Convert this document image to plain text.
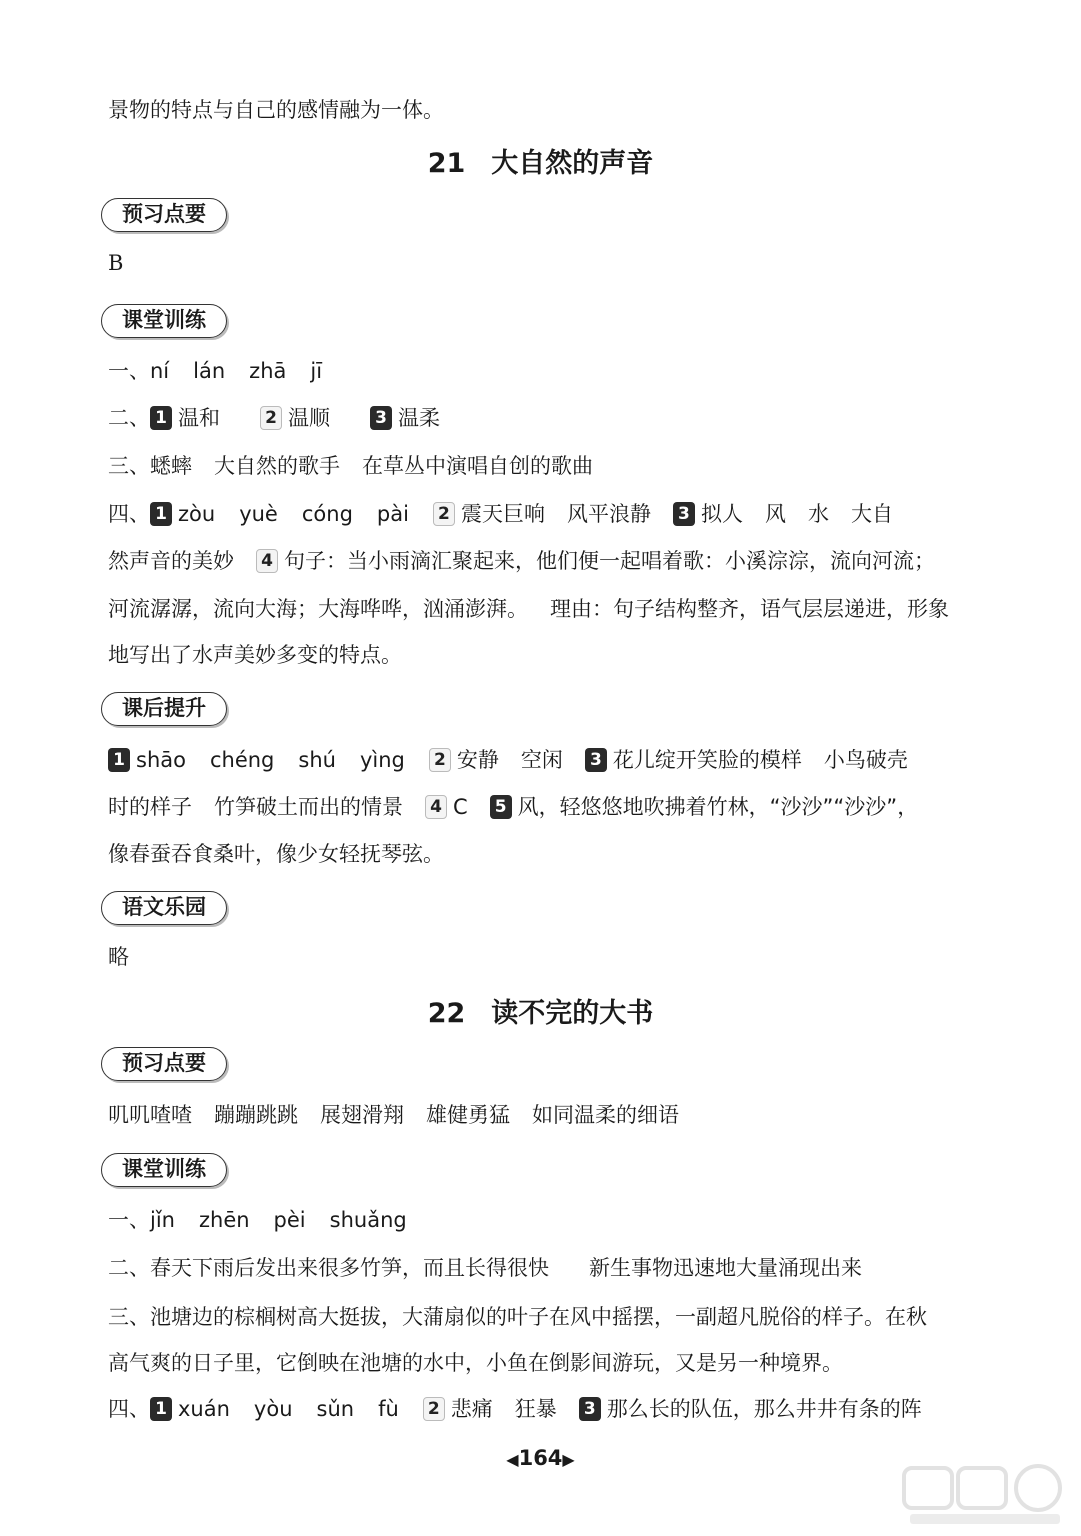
景物的特点与自己的感情融为一体。
21 大自然的声音
预习点要
B
课堂训练
一、ní lán zhā jī
二、 1 温和	2 温顺	3 温柔
三、蟋蟀 大自然的歌手 在草丛中演唱自创的歌曲
四、 1 zòu yuè cóng pài 2 震天巨响 风平浪静 3 拟人 风 水 大自
然声音的美妙 4 句子：当小雨滴汇聚起来，他们便一起唱着歌：小溪淙淙，流向河流；
河流潺潺，流向大海；大海哗哗，汹涌澎湃。 理由：句子结构整齐，语气层层递进，形象
地写出了水声美妙多变的特点。
课后提升
1 shāo chéng shú yìng 2 安静 空闲 3 花儿绽开笑脸的模样 小鸟破壳
时的样子 竹笋破土而出的情景 4 C 5 风，轻悠悠地吹拂着竹林，“沙沙”“沙沙”，
像春蚕吞食桑叶，像少女轻抚琴弦。
语文乐园
略
22 读不完的大书
预习点要
叽叽喳喳 蹦蹦跳跳 展翅滑翔 雄健勇猛 如同温柔的细语
课堂训练
一、jǐn zhēn pèi shuǎng
二、春天下雨后发出来很多竹笋，而且长得很快 新生事物迅速地大量涌现出来
三、池塘边的棕榈树高大挺拔，大蒲扇似的叶子在风中摇摆，一副超凡脱俗的样子。在秋
高气爽的日子里，它倒映在池塘的水中，小鱼在倒影间游玩，又是另一种境界。
四、 1 xuán yòu sǔn fù 2 悲痛 狂暴 3 那么长的队伍，那么井井有条的阵
◀164▶
